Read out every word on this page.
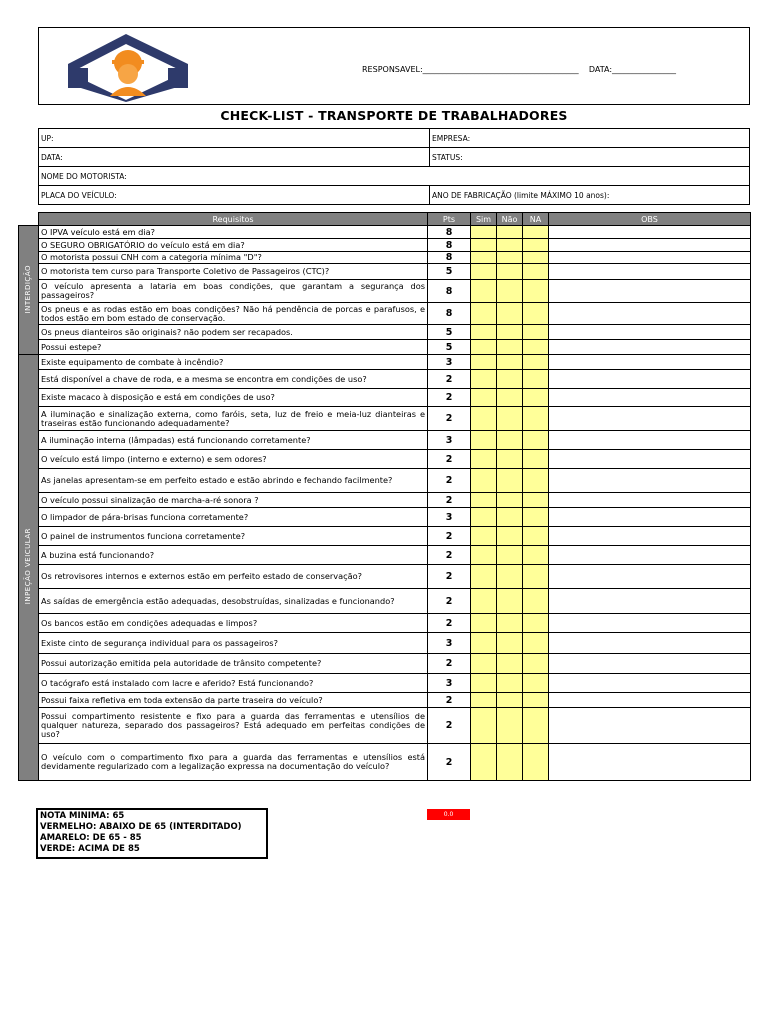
RESPONSAVEL:_______________________________________ DATA:________________
CHECK-LIST - TRANSPORTE DE TRABALHADORES
UP:	EMPRESA:
DATA:	STATUS:
NOME DO MOTORISTA:	
PLACA DO VEÍCULO:	ANO DE FABRICAÇÃO (limite MÁXIMO 10 anos):
	Requisitos	Pts	Sim	Não	NA	OBS
INTERDIÇÃO	O IPVA veículo está em dia?	8				
	O SEGURO OBRIGATÓRIO do veículo está em dia?	8				
	O motorista possui CNH com a categoria mínima "D"?	8				
	O motorista tem curso para Transporte Coletivo de Passageiros (CTC)?	5				
	O veículo apresenta a lataria em boas condições, que garantam a segurança dos passageiros?	8				
	Os pneus e as rodas estão em boas condições? Não há pendência de porcas e parafusos, e todos estão em bom estado de conservação.	8				
	Os pneus dianteiros são originais? não podem ser recapados.	5				
	Possui estepe?	5				
INPEÇÃO VEICULAR	Existe equipamento de combate à incêndio?	3				
	Está disponível a chave de roda, e a mesma se encontra em condições de uso?	2				
	Existe macaco à disposição e está em condições de uso?	2				
	A iluminação e sinalização externa, como faróis, seta, luz de freio e meia-luz dianteiras e traseiras estão funcionando adequadamente?	2				
	A iluminação interna (lâmpadas) está funcionando corretamente?	3				
	O veículo está limpo (interno e externo) e sem odores?	2				
	As janelas apresentam-se em perfeito estado e estão abrindo e fechando facilmente?	2				
	O veículo possui sinalização de marcha-a-ré sonora ?	2				
	O limpador de pára-brisas funciona corretamente?	3				
	O painel de instrumentos funciona corretamente?	2				
	A buzina está funcionando?	2				
	Os retrovisores internos e externos estão em perfeito estado de conservação?	2				
	As saídas de emergência estão adequadas, desobstruídas, sinalizadas e funcionando?	2				
	Os bancos estão em condições adequadas e limpos?	2				
	Existe cinto de segurança individual para os passageiros?	3				
	Possui autorização emitida pela autoridade de trânsito competente?	2				
	O tacógrafo está instalado com lacre e aferido? Está funcionando?	3				
	Possui faixa refletiva em toda extensão da parte traseira do veículo?	2				
	Possui compartimento resistente e fixo para a guarda das ferramentas e utensílios de qualquer natureza, separado dos passageiros? Está adequado em perfeitas condições de uso?	2				
	O veículo com o compartimento fixo para a guarda das ferramentas e utensílios está devidamente regularizado com a legalização expressa na documentação do veículo?	2				
NOTA MINIMA: 65
VERMELHO: ABAIXO DE 65 (INTERDITADO)
AMARELO: DE 65 - 85
VERDE: ACIMA DE 85
0.0
